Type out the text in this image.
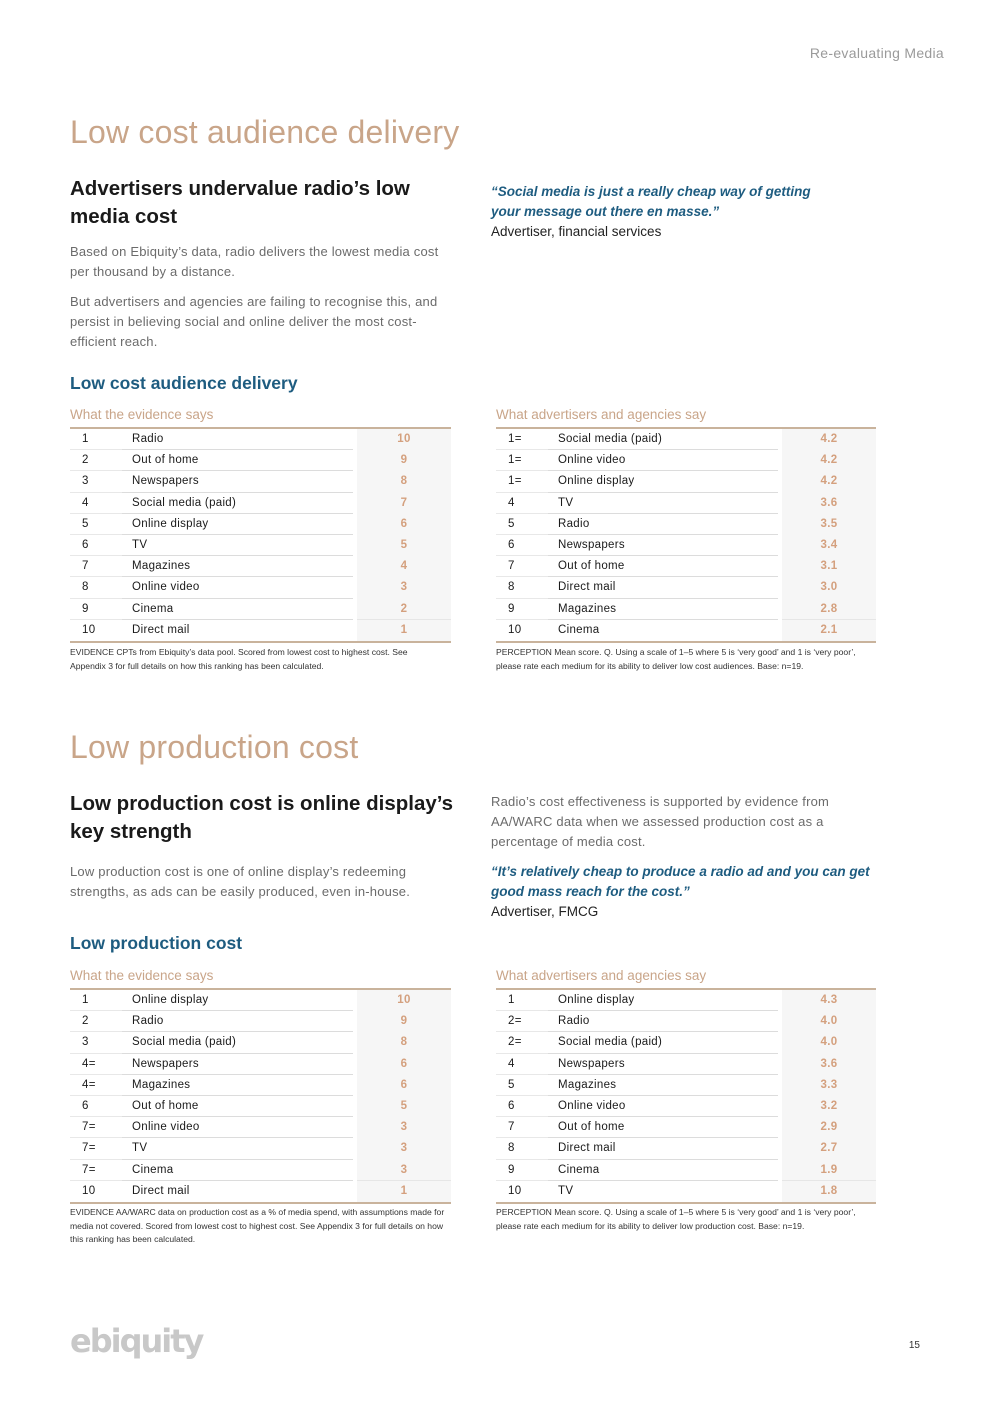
Re-evaluating Media
Low cost audience delivery
Advertisers undervalue radio’s low media cost

Based on Ebiquity’s data, radio delivers the lowest media cost per thousand by a distance.

But advertisers and agencies are failing to recognise this, and persist in believing social and online deliver the most cost-efficient reach.

“Social media is just a really cheap way of getting your message out there en masse.”
Advertiser, financial services
Low cost audience delivery
What the evidence says
1	Radio	10
2	Out of home	9
3	Newspapers	8
4	Social media (paid)	7
5	Online display	6
6	TV	5
7	Magazines	4
8	Online video	3
9	Cinema	2
10	Direct mail	1
EVIDENCE CPTs from Ebiquity’s data pool. Scored from lowest cost to highest cost. See Appendix 3 for full details on how this ranking has been calculated.
What advertisers and agencies say
1=	Social media (paid)	4.2
1=	Online video	4.2
1=	Online display	4.2
4	TV	3.6
5	Radio	3.5
6	Newspapers	3.4
7	Out of home	3.1
8	Direct mail	3.0
9	Magazines	2.8
10	Cinema	2.1
PERCEPTION Mean score. Q. Using a scale of 1–5 where 5 is ‘very good’ and 1 is ‘very poor’, please rate each medium for its ability to deliver low cost audiences. Base: n=19.
Low production cost
Low production cost is online display’s key strength

Low production cost is one of online display’s redeeming strengths, as ads can be easily produced, even in-house.

Radio’s cost effectiveness is supported by evidence from AA/WARC data when we assessed production cost as a percentage of media cost.

“It’s relatively cheap to produce a radio ad and you can get good mass reach for the cost.”
Advertiser, FMCG
Low production cost
What the evidence says
1	Online display	10
2	Radio	9
3	Social media (paid)	8
4=	Newspapers	6
4=	Magazines	6
6	Out of home	5
7=	Online video	3
7=	TV	3
7=	Cinema	3
10	Direct mail	1
EVIDENCE AA/WARC data on production cost as a % of media spend, with assumptions made for media not covered. Scored from lowest cost to highest cost. See Appendix 3 for full details on how this ranking has been calculated.
What advertisers and agencies say
1	Online display	4.3
2=	Radio	4.0
2=	Social media (paid)	4.0
4	Newspapers	3.6
5	Magazines	3.3
6	Online video	3.2
7	Out of home	2.9
8	Direct mail	2.7
9	Cinema	1.9
10	TV	1.8
PERCEPTION Mean score. Q. Using a scale of 1–5 where 5 is ‘very good’ and 1 is ‘very poor’, please rate each medium for its ability to deliver low production cost. Base: n=19.
ebiquity	15
